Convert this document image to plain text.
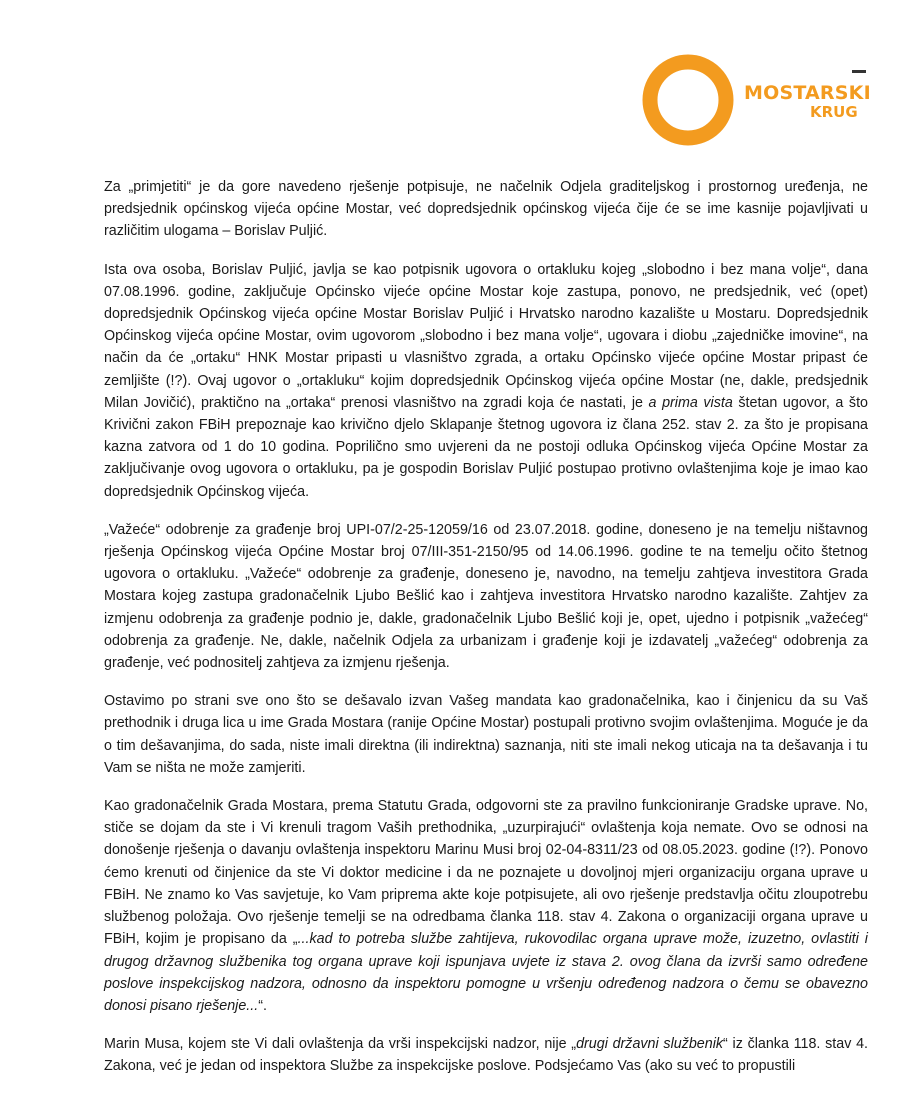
MOSTARSKI
KRUG

Za „primjetiti“ je da gore navedeno rješenje potpisuje, ne načelnik Odjela graditeljskog i prostornog uređenja, ne predsjednik općinskog vijeća općine Mostar, već dopredsjednik općinskog vijeća čije će se ime kasnije pojavljivati u različitim ulogama – Borislav Puljić.

Ista ova osoba, Borislav Puljić, javlja se kao potpisnik ugovora o ortakluku kojeg „slobodno i bez mana volje“, dana 07.08.1996. godine, zaključuje Općinsko vijeće općine Mostar koje zastupa, ponovo, ne predsjednik, već (opet) dopredsjednik Općinskog vijeća općine Mostar Borislav Puljić i Hrvatsko narodno kazalište u Mostaru. Dopredsjednik Općinskog vijeća općine Mostar, ovim ugovorom „slobodno i bez mana volje“, ugovara i diobu „zajedničke imovine“, na način da će „ortaku“ HNK Mostar pripasti u vlasništvo zgrada, a ortaku Općinsko vijeće općine Mostar pripast će zemljište (!?). Ovaj ugovor o „ortakluku“ kojim dopredsjednik Općinskog vijeća općine Mostar (ne, dakle, predsjednik Milan Jovičić), praktično na „ortaka“ prenosi vlasništvo na zgradi koja će nastati, je a prima vista štetan ugovor, a što Krivični zakon FBiH prepoznaje kao krivično djelo Sklapanje štetnog ugovora iz člana 252. stav 2. za što je propisana kazna zatvora od 1 do 10 godina. Poprilično smo uvjereni da ne postoji odluka Općinskog vijeća Općine Mostar za zaključivanje ovog ugovora o ortakluku, pa je gospodin Borislav Puljić postupao protivno ovlaštenjima koje je imao kao dopredsjednik Općinskog vijeća.

„Važeće“ odobrenje za građenje broj UPI-07/2-25-12059/16 od 23.07.2018. godine, doneseno je na temelju ništavnog rješenja Općinskog vijeća Općine Mostar broj 07/III-351-2150/95 od 14.06.1996. godine te na temelju očito štetnog ugovora o ortakluku. „Važeće“ odobrenje za građenje, doneseno je, navodno, na temelju zahtjeva investitora Grada Mostara kojeg zastupa gradonačelnik Ljubo Bešlić kao i zahtjeva investitora Hrvatsko narodno kazalište. Zahtjev za izmjenu odobrenja za građenje podnio je, dakle, gradonačelnik Ljubo Bešlić koji je, opet, ujedno i potpisnik „važećeg“ odobrenja za građenje. Ne, dakle, načelnik Odjela za urbanizam i građenje koji je izdavatelj „važećeg“ odobrenja za građenje, već podnositelj zahtjeva za izmjenu rješenja.

Ostavimo po strani sve ono što se dešavalo izvan Vašeg mandata kao gradonačelnika, kao i činjenicu da su Vaš prethodnik i druga lica u ime Grada Mostara (ranije Općine Mostar) postupali protivno svojim ovlaštenjima. Moguće je da o tim dešavanjima, do sada, niste imali direktna (ili indirektna) saznanja, niti ste imali nekog uticaja na ta dešavanja i tu Vam se ništa ne može zamjeriti.

Kao gradonačelnik Grada Mostara, prema Statutu Grada, odgovorni ste za pravilno funkcioniranje Gradske uprave. No, stiče se dojam da ste i Vi krenuli tragom Vaših prethodnika, „uzurpirajući“ ovlaštenja koja nemate. Ovo se odnosi na donošenje rješenja o davanju ovlaštenja inspektoru Marinu Musi broj 02-04-8311/23 od 08.05.2023. godine (!?). Ponovo ćemo krenuti od činjenice da ste Vi doktor medicine i da ne poznajete u dovoljnoj mjeri organizaciju organa uprave u FBiH. Ne znamo ko Vas savjetuje, ko Vam priprema akte koje potpisujete, ali ovo rješenje predstavlja očitu zloupotrebu službenog položaja. Ovo rješenje temelji se na odredbama članka 118. stav 4. Zakona o organizaciji organa uprave u FBiH, kojim je propisano da „...kad to potreba službe zahtijeva, rukovodilac organa uprave može, izuzetno, ovlastiti i drugog državnog službenika tog organa uprave koji ispunjava uvjete iz stava 2. ovog člana da izvrši samo određene poslove inspekcijskog nadzora, odnosno da inspektoru pomogne u vršenju određenog nadzora o čemu se obavezno donosi pisano rješenje...“.

Marin Musa, kojem ste Vi dali ovlaštenja da vrši inspekcijski nadzor, nije „drugi državni službenik“ iz članka 118. stav 4. Zakona, već je jedan od inspektora Službe za inspekcijske poslove. Podsjećamo Vas (ako su već to propustili
